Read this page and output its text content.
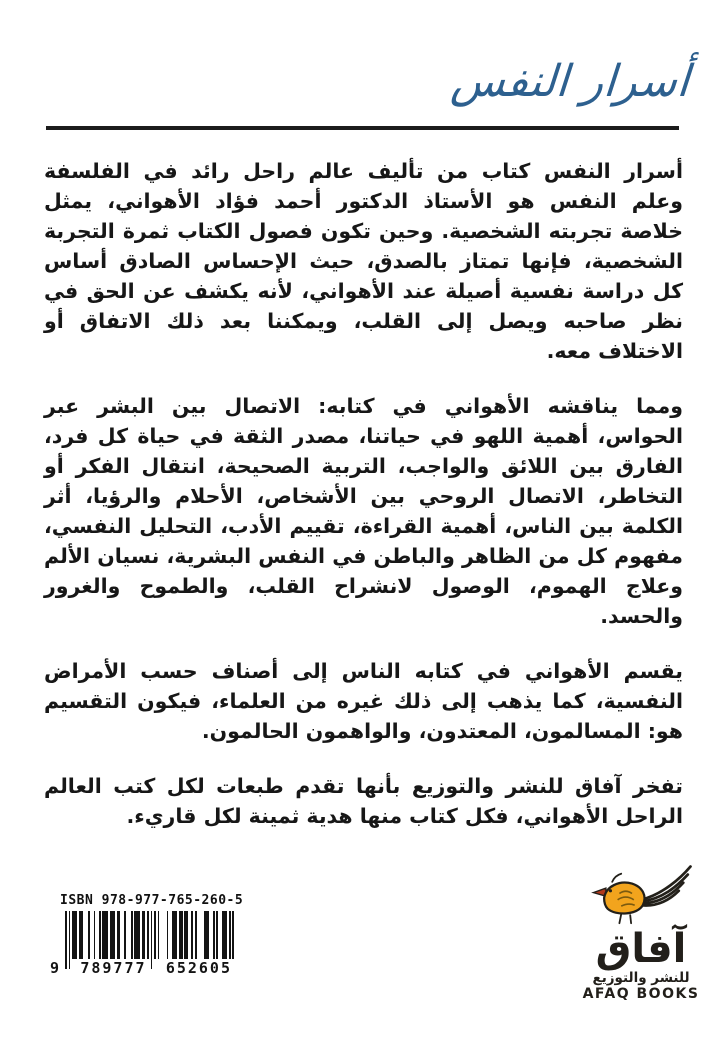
أسرار النفس

أسرار النفس كتاب من تأليف عالم راحل رائد في الفلسفة وعلم النفس هو الأستاذ الدكتور أحمد فؤاد الأهواني، يمثل خلاصة تجربته الشخصية. وحين تكون فصول الكتاب ثمرة التجربة الشخصية، فإنها تمتاز بالصدق، حيث الإحساس الصادق أساس كل دراسة نفسية أصيلة عند الأهواني، لأنه يكشف عن الحق في نظر صاحبه ويصل إلى القلب، ويمكننا بعد ذلك الاتفاق أو الاختلاف معه.

ومما يناقشه الأهواني في كتابه: الاتصال بين البشر عبر الحواس، أهمية اللهو في حياتنا، مصدر الثقة في حياة كل فرد، الفارق بين اللائق والواجب، التربية الصحيحة، انتقال الفكر أو التخاطر، الاتصال الروحي بين الأشخاص، الأحلام والرؤيا، أثر الكلمة بين الناس، أهمية القراءة، تقييم الأدب، التحليل النفسي، مفهوم كل من الظاهر والباطن في النفس البشرية، نسيان الألم وعلاج الهموم، الوصول لانشراح القلب، والطموح والغرور والحسد.

يقسم الأهواني في كتابه الناس إلى أصناف حسب الأمراض النفسية، كما يذهب إلى ذلك غيره من العلماء، فيكون التقسيم هو: المسالمون، المعتدون، والواهمون الحالمون.

تفخر آفاق للنشر والتوزيع بأنها تقدم طبعات لكل كتب العالم الراحل الأهواني، فكل كتاب منها هدية ثمينة لكل قاريء.

ISBN 978-977-765-260-5
9 789777 652605	آفاق
للنشر والتوزيع
AFAQ BOOKS
